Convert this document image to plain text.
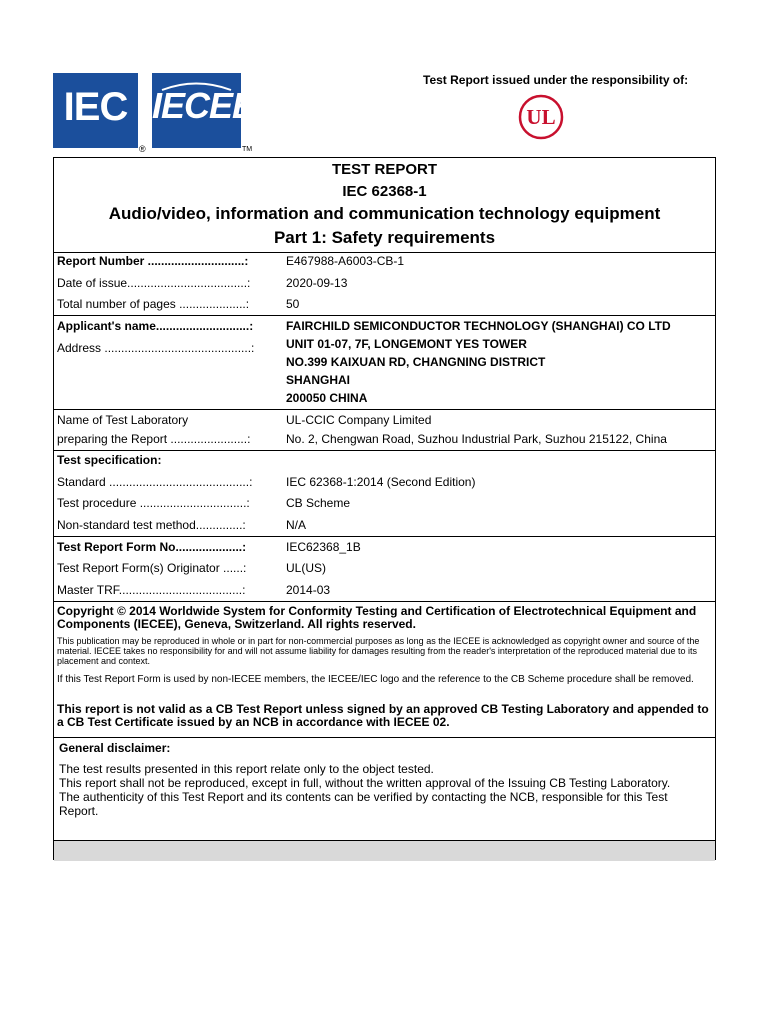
IEC
®
IECEE
TM
Test Report issued under the responsibility of:
UL
TEST REPORT
IEC 62368-1
Audio/video, information and communication technology equipment
Part 1: Safety requirements
Report Number .............................:	E467988-A6003-CB-1
Date of issue....................................:	2020-09-13
Total number of pages ....................:	50
Applicant's name............................:	FAIRCHILD SEMICONDUCTOR TECHNOLOGY (SHANGHAI) CO LTD
Address ............................................:	UNIT 01-07, 7F, LONGEMONT YES TOWER
NO.399 KAIXUAN RD, CHANGNING DISTRICT
SHANGHAI
200050 CHINA
Name of Test Laboratory
preparing the Report .......................:
UL-CCIC Company Limited
No. 2, Chengwan Road, Suzhou Industrial Park, Suzhou 215122, China
Test specification:
Standard ..........................................:	IEC 62368-1:2014 (Second Edition)
Test procedure ................................:	CB Scheme
Non-standard test method..............:	N/A
Test Report Form No....................:	IEC62368_1B
Test Report Form(s) Originator ......:	UL(US)
Master TRF.....................................:	2014-03
Copyright © 2014 Worldwide System for Conformity Testing and Certification of Electrotechnical Equipment and Components (IECEE), Geneva, Switzerland. All rights reserved.
This publication may be reproduced in whole or in part for non-commercial purposes as long as the IECEE is acknowledged as copyright owner and source of the material. IECEE takes no responsibility for and will not assume liability for damages resulting from the reader's interpretation of the reproduced material due to its placement and context.
If this Test Report Form is used by non-IECEE members, the IECEE/IEC logo and the reference to the CB Scheme procedure shall be removed.
This report is not valid as a CB Test Report unless signed by an approved CB Testing Laboratory and appended to a CB Test Certificate issued by an NCB in accordance with IECEE 02.
General disclaimer:
The test results presented in this report relate only to the object tested.
This report shall not be reproduced, except in full, without the written approval of the Issuing CB Testing Laboratory.
The authenticity of this Test Report and its contents can be verified by contacting the NCB, responsible for this Test Report.
